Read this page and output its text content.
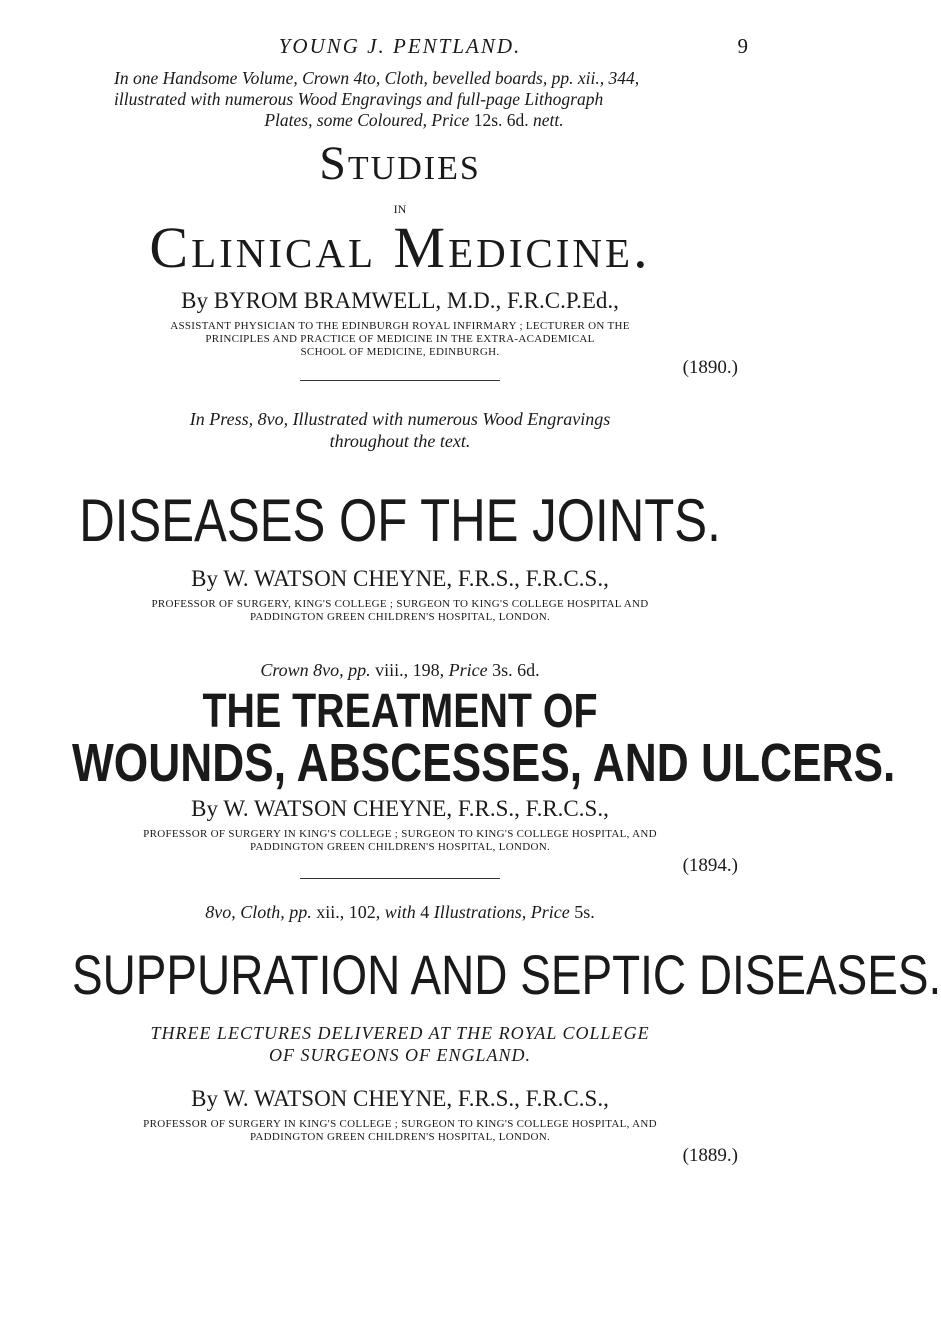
YOUNG J. PENTLAND.	9

In one Handsome Volume, Crown 4to, Cloth, bevelled boards, pp. xii., 344,

illustrated with numerous Wood Engravings and full-page Lithograph

Plates, some Coloured, Price 12s. 6d. nett.

Studies
IN
Clinical Medicine.
By BYROM BRAMWELL, M.D., F.R.C.P.Ed.,
ASSISTANT PHYSICIAN TO THE EDINBURGH ROYAL INFIRMARY ; LECTURER ON THE
PRINCIPLES AND PRACTICE OF MEDICINE IN THE EXTRA-ACADEMICAL
SCHOOL OF MEDICINE, EDINBURGH.
(1890.)
In Press, 8vo, Illustrated with numerous Wood Engravings
throughout the text.
DISEASES OF THE JOINTS.
By W. WATSON CHEYNE, F.R.S., F.R.C.S.,
PROFESSOR OF SURGERY, KING'S COLLEGE ; SURGEON TO KING'S COLLEGE HOSPITAL AND
PADDINGTON GREEN CHILDREN'S HOSPITAL, LONDON.
Crown 8vo, pp. viii., 198, Price 3s. 6d.
THE TREATMENT OF
WOUNDS, ABSCESSES, AND ULCERS.
By W. WATSON CHEYNE, F.R.S., F.R.C.S.,
PROFESSOR OF SURGERY IN KING'S COLLEGE ; SURGEON TO KING'S COLLEGE HOSPITAL, AND
PADDINGTON GREEN CHILDREN'S HOSPITAL, LONDON.
(1894.)
8vo, Cloth, pp. xii., 102, with 4 Illustrations, Price 5s.
SUPPURATION AND SEPTIC DISEASES.
THREE LECTURES DELIVERED AT THE ROYAL COLLEGE
OF SURGEONS OF ENGLAND.
By W. WATSON CHEYNE, F.R.S., F.R.C.S.,
PROFESSOR OF SURGERY IN KING'S COLLEGE ; SURGEON TO KING'S COLLEGE HOSPITAL, AND
PADDINGTON GREEN CHILDREN'S HOSPITAL, LONDON.
(1889.)
